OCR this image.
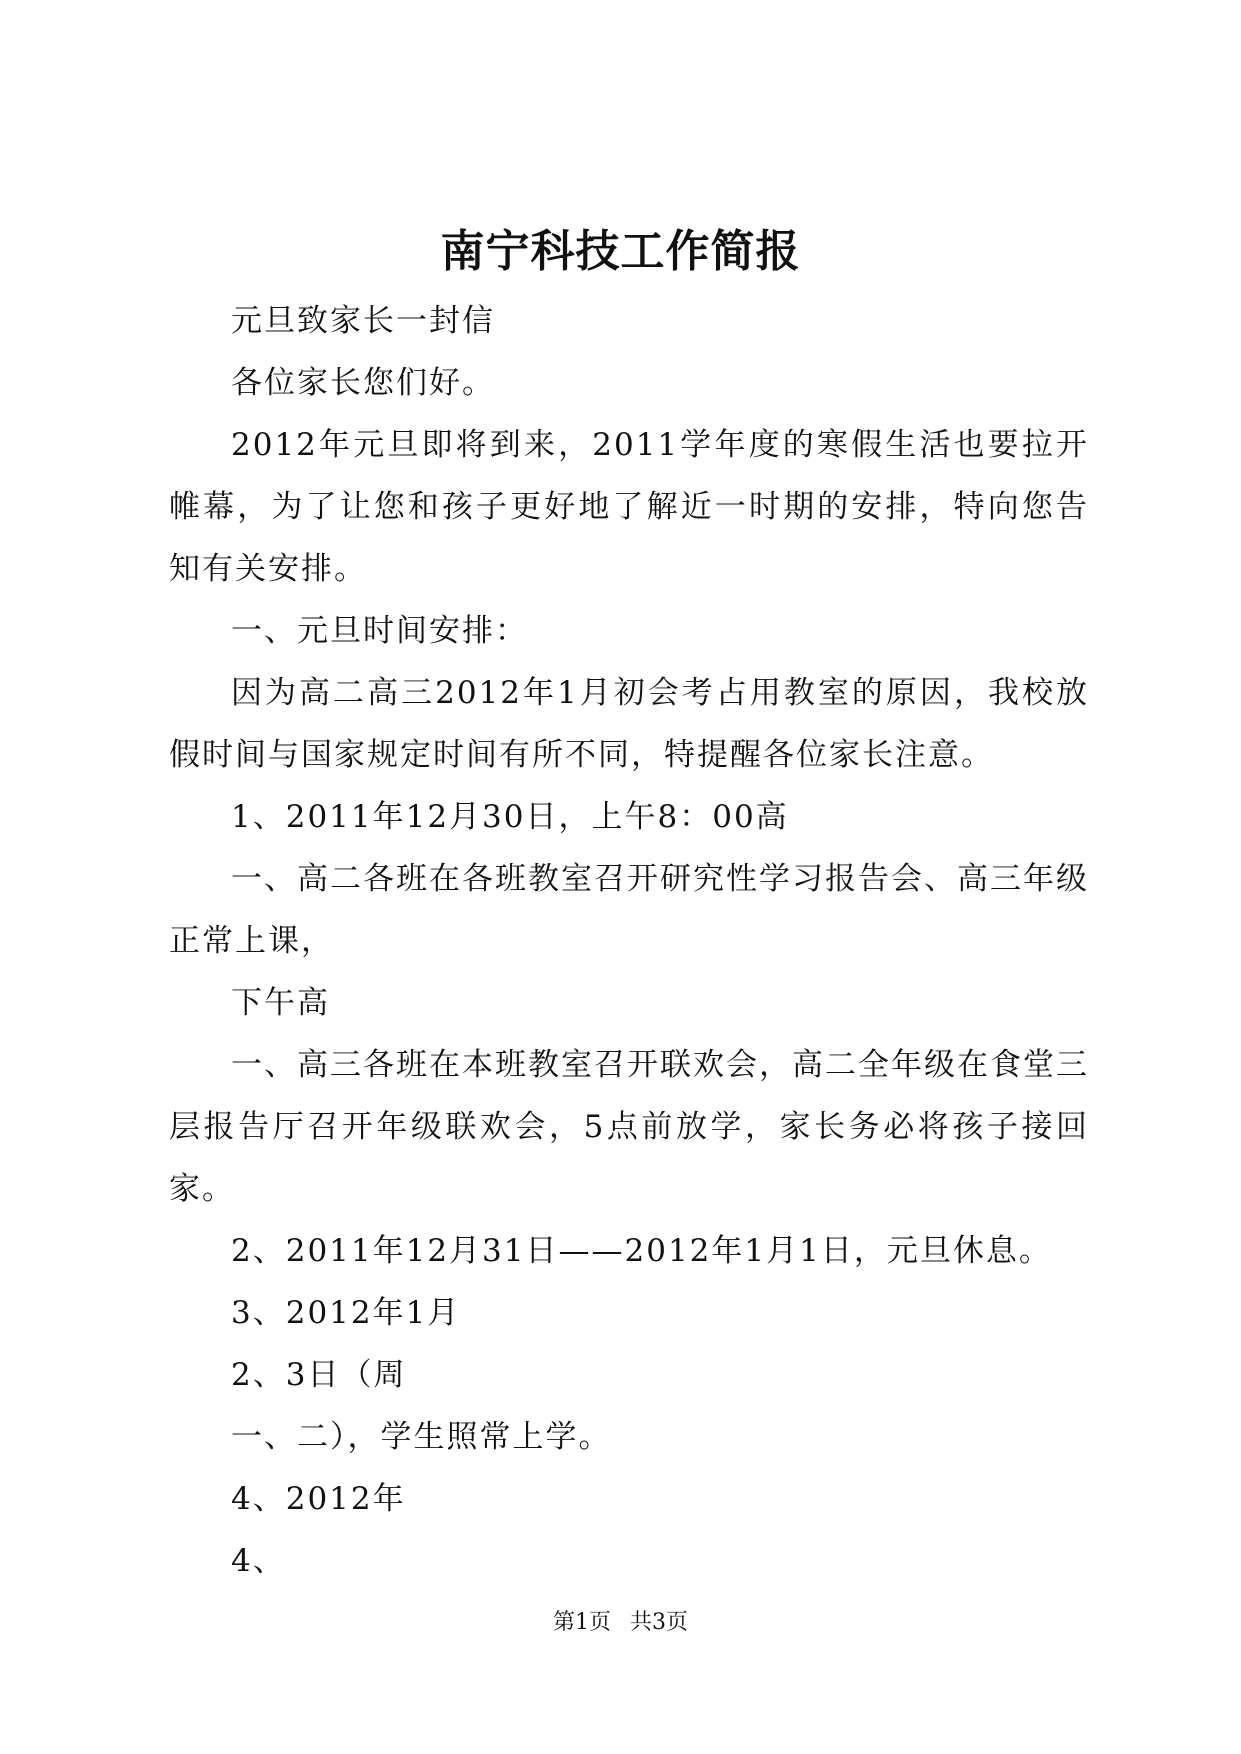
南宁科技工作简报

元旦致家长一封信

各位家长您们好。

2012年元旦即将到来，2011学年度的寒假生活也要拉开帷幕，为了让您和孩子更好地了解近一时期的安排，特向您告知有关安排。

一、元旦时间安排：

因为高二高三2012年1月初会考占用教室的原因，我校放假时间与国家规定时间有所不同，特提醒各位家长注意。

1、2011年12月30日，上午8：00高

一、高二各班在各班教室召开研究性学习报告会、高三年级正常上课，

下午高

一、高三各班在本班教室召开联欢会，高二全年级在食堂三层报告厅召开年级联欢会，5点前放学，家长务必将孩子接回家。

2、2011年12月31日——2012年1月1日，元旦休息。

3、2012年1月

2、3日（周

一、二），学生照常上学。

4、2012年

4、

第1页 共3页
